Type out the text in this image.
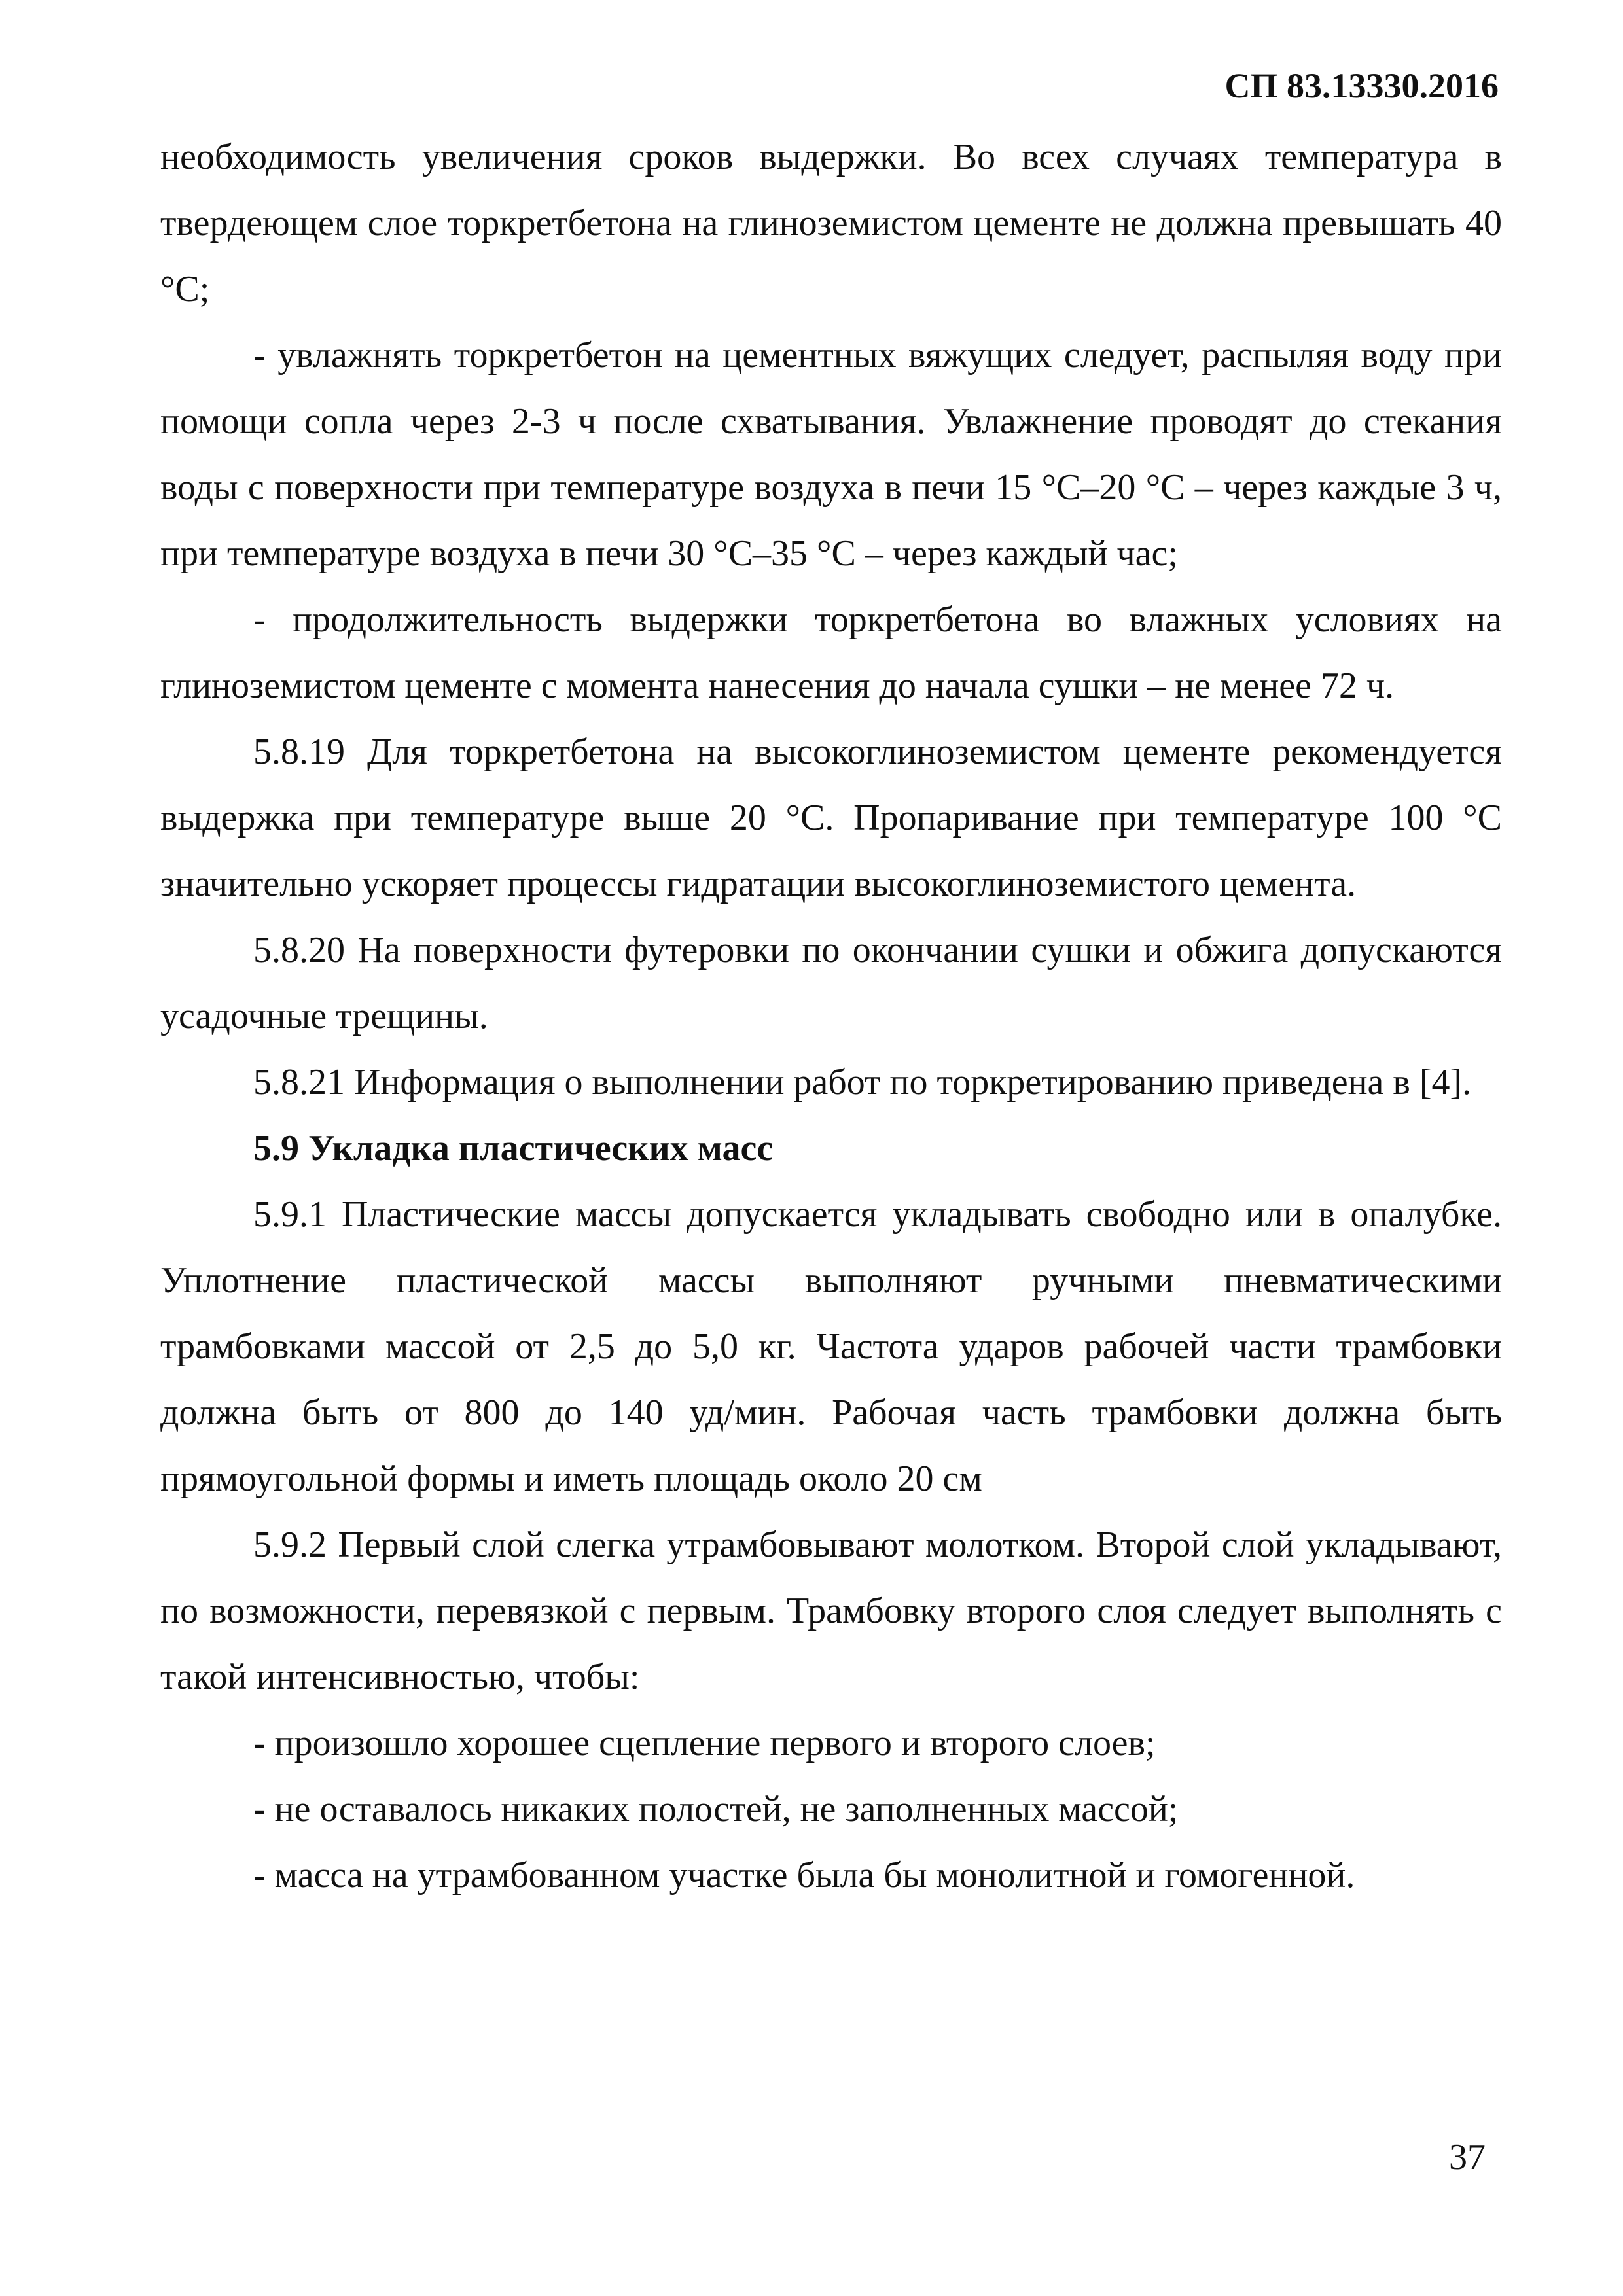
СП 83.13330.2016

необходимость увеличения сроков выдержки. Во всех случаях температура в твердеющем слое торкретбетона на глиноземистом цементе не должна превышать 40 °С;

- увлажнять торкретбетон на цементных вяжущих следует, распыляя воду при помощи сопла через 2-3 ч после схватывания. Увлажнение проводят до стекания воды с поверхности при температуре воздуха в печи 15 °С–20 °С – через каждые 3 ч, при температуре воздуха в печи 30 °С–35 °С – через каждый час;

- продолжительность выдержки торкретбетона во влажных условиях на глиноземистом цементе с момента нанесения до начала сушки – не менее 72 ч.

5.8.19 Для торкретбетона на высокоглиноземистом цементе рекомендуется выдержка при температуре выше 20 °С. Пропаривание при температуре 100 °С значительно ускоряет процессы гидратации высокоглиноземистого цемента.

5.8.20 На поверхности футеровки по окончании сушки и обжига допускаются усадочные трещины.

5.8.21 Информация о выполнении работ по торкретированию приведена в [4].

5.9 Укладка пластических масс

5.9.1 Пластические массы допускается укладывать свободно или в опалубке. Уплотнение пластической массы выполняют ручными пневматическими трамбовками массой от 2,5 до 5,0 кг. Частота ударов рабочей части трамбовки должна быть от 800 до 140 уд/мин. Рабочая часть трамбовки должна быть прямоугольной формы и иметь площадь около 20 см

5.9.2 Первый слой слегка утрамбовывают молотком. Второй слой укладывают, по возможности, перевязкой с первым. Трамбовку второго слоя следует выполнять с такой интенсивностью, чтобы:

- произошло хорошее сцепление первого и второго слоев;

- не оставалось никаких полостей, не заполненных массой;

- масса на утрамбованном участке была бы монолитной и гомогенной.

37
